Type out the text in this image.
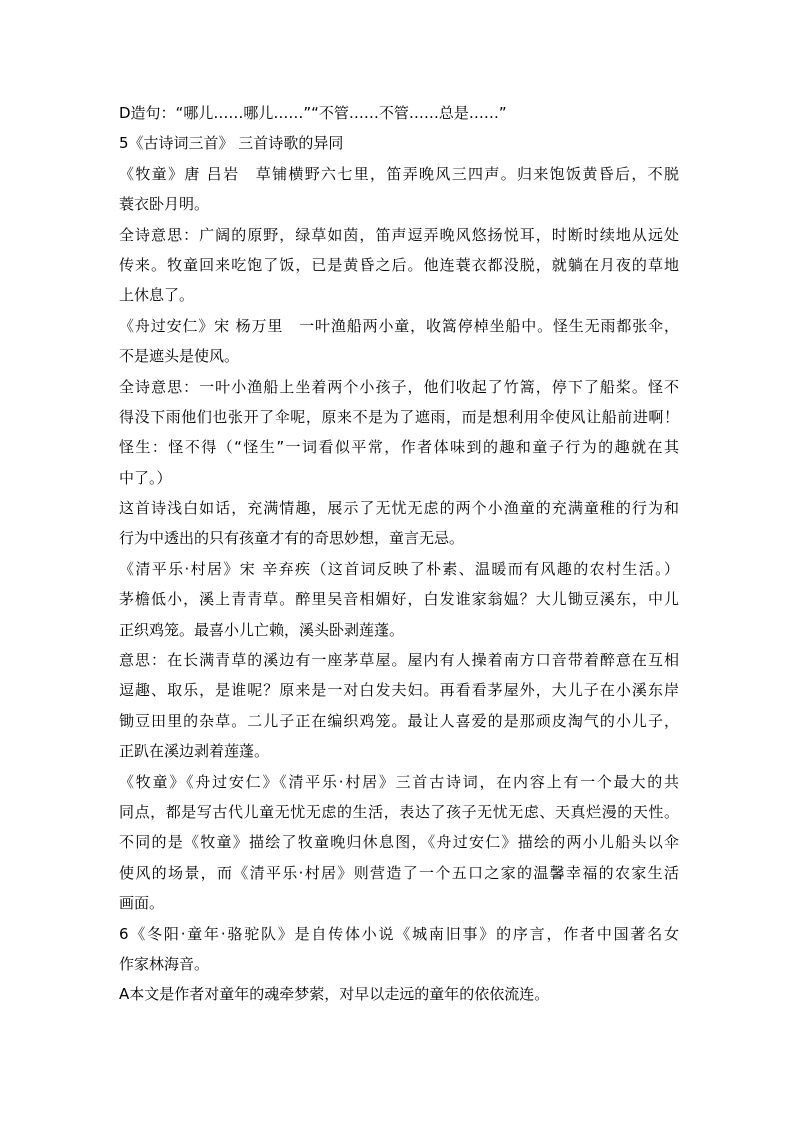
D造句：“哪儿……哪儿……”“不管……不管……总是……”
5《古诗词三首》 三首诗歌的异同
《牧童》唐 吕岩　草铺横野六七里，笛弄晚风三四声。归来饱饭黄昏后，不脱
蓑衣卧月明。
全诗意思：广阔的原野，绿草如茵，笛声逗弄晚风悠扬悦耳，时断时续地从远处
传来。牧童回来吃饱了饭，已是黄昏之后。他连蓑衣都没脱，就躺在月夜的草地
上休息了。
《舟过安仁》宋 杨万里　一叶渔船两小童，收篙停棹坐船中。怪生无雨都张伞，
不是遮头是使风。
全诗意思：一叶小渔船上坐着两个小孩子，他们收起了竹篙，停下了船桨。怪不
得没下雨他们也张开了伞呢，原来不是为了遮雨，而是想利用伞使风让船前进啊！
怪生：怪不得（“怪生”一词看似平常，作者体味到的趣和童子行为的趣就在其
中了。）
这首诗浅白如话，充满情趣，展示了无忧无虑的两个小渔童的充满童稚的行为和
行为中透出的只有孩童才有的奇思妙想，童言无忌。
《清平乐·村居》宋 辛弃疾（这首词反映了朴素、温暖而有风趣的农村生活。）
茅檐低小，溪上青青草。醉里吴音相媚好，白发谁家翁媪？大儿锄豆溪东，中儿
正织鸡笼。最喜小儿亡赖，溪头卧剥莲蓬。
意思：在长满青草的溪边有一座茅草屋。屋内有人操着南方口音带着醉意在互相
逗趣、取乐，是谁呢？原来是一对白发夫妇。再看看茅屋外，大儿子在小溪东岸
锄豆田里的杂草。二儿子正在编织鸡笼。最让人喜爱的是那顽皮淘气的小儿子，
正趴在溪边剥着莲蓬。
《牧童》《舟过安仁》《清平乐·村居》三首古诗词，在内容上有一个最大的共
同点，都是写古代儿童无忧无虑的生活，表达了孩子无忧无虑、天真烂漫的天性。
不同的是《牧童》描绘了牧童晚归休息图，《舟过安仁》描绘的两小儿船头以伞
使风的场景，而《清平乐·村居》则营造了一个五口之家的温馨幸福的农家生活
画面。
6《冬阳·童年·骆驼队》是自传体小说《城南旧事》的序言，作者中国著名女
作家林海音。
A本文是作者对童年的魂牵梦萦，对早以走远的童年的依依流连。
